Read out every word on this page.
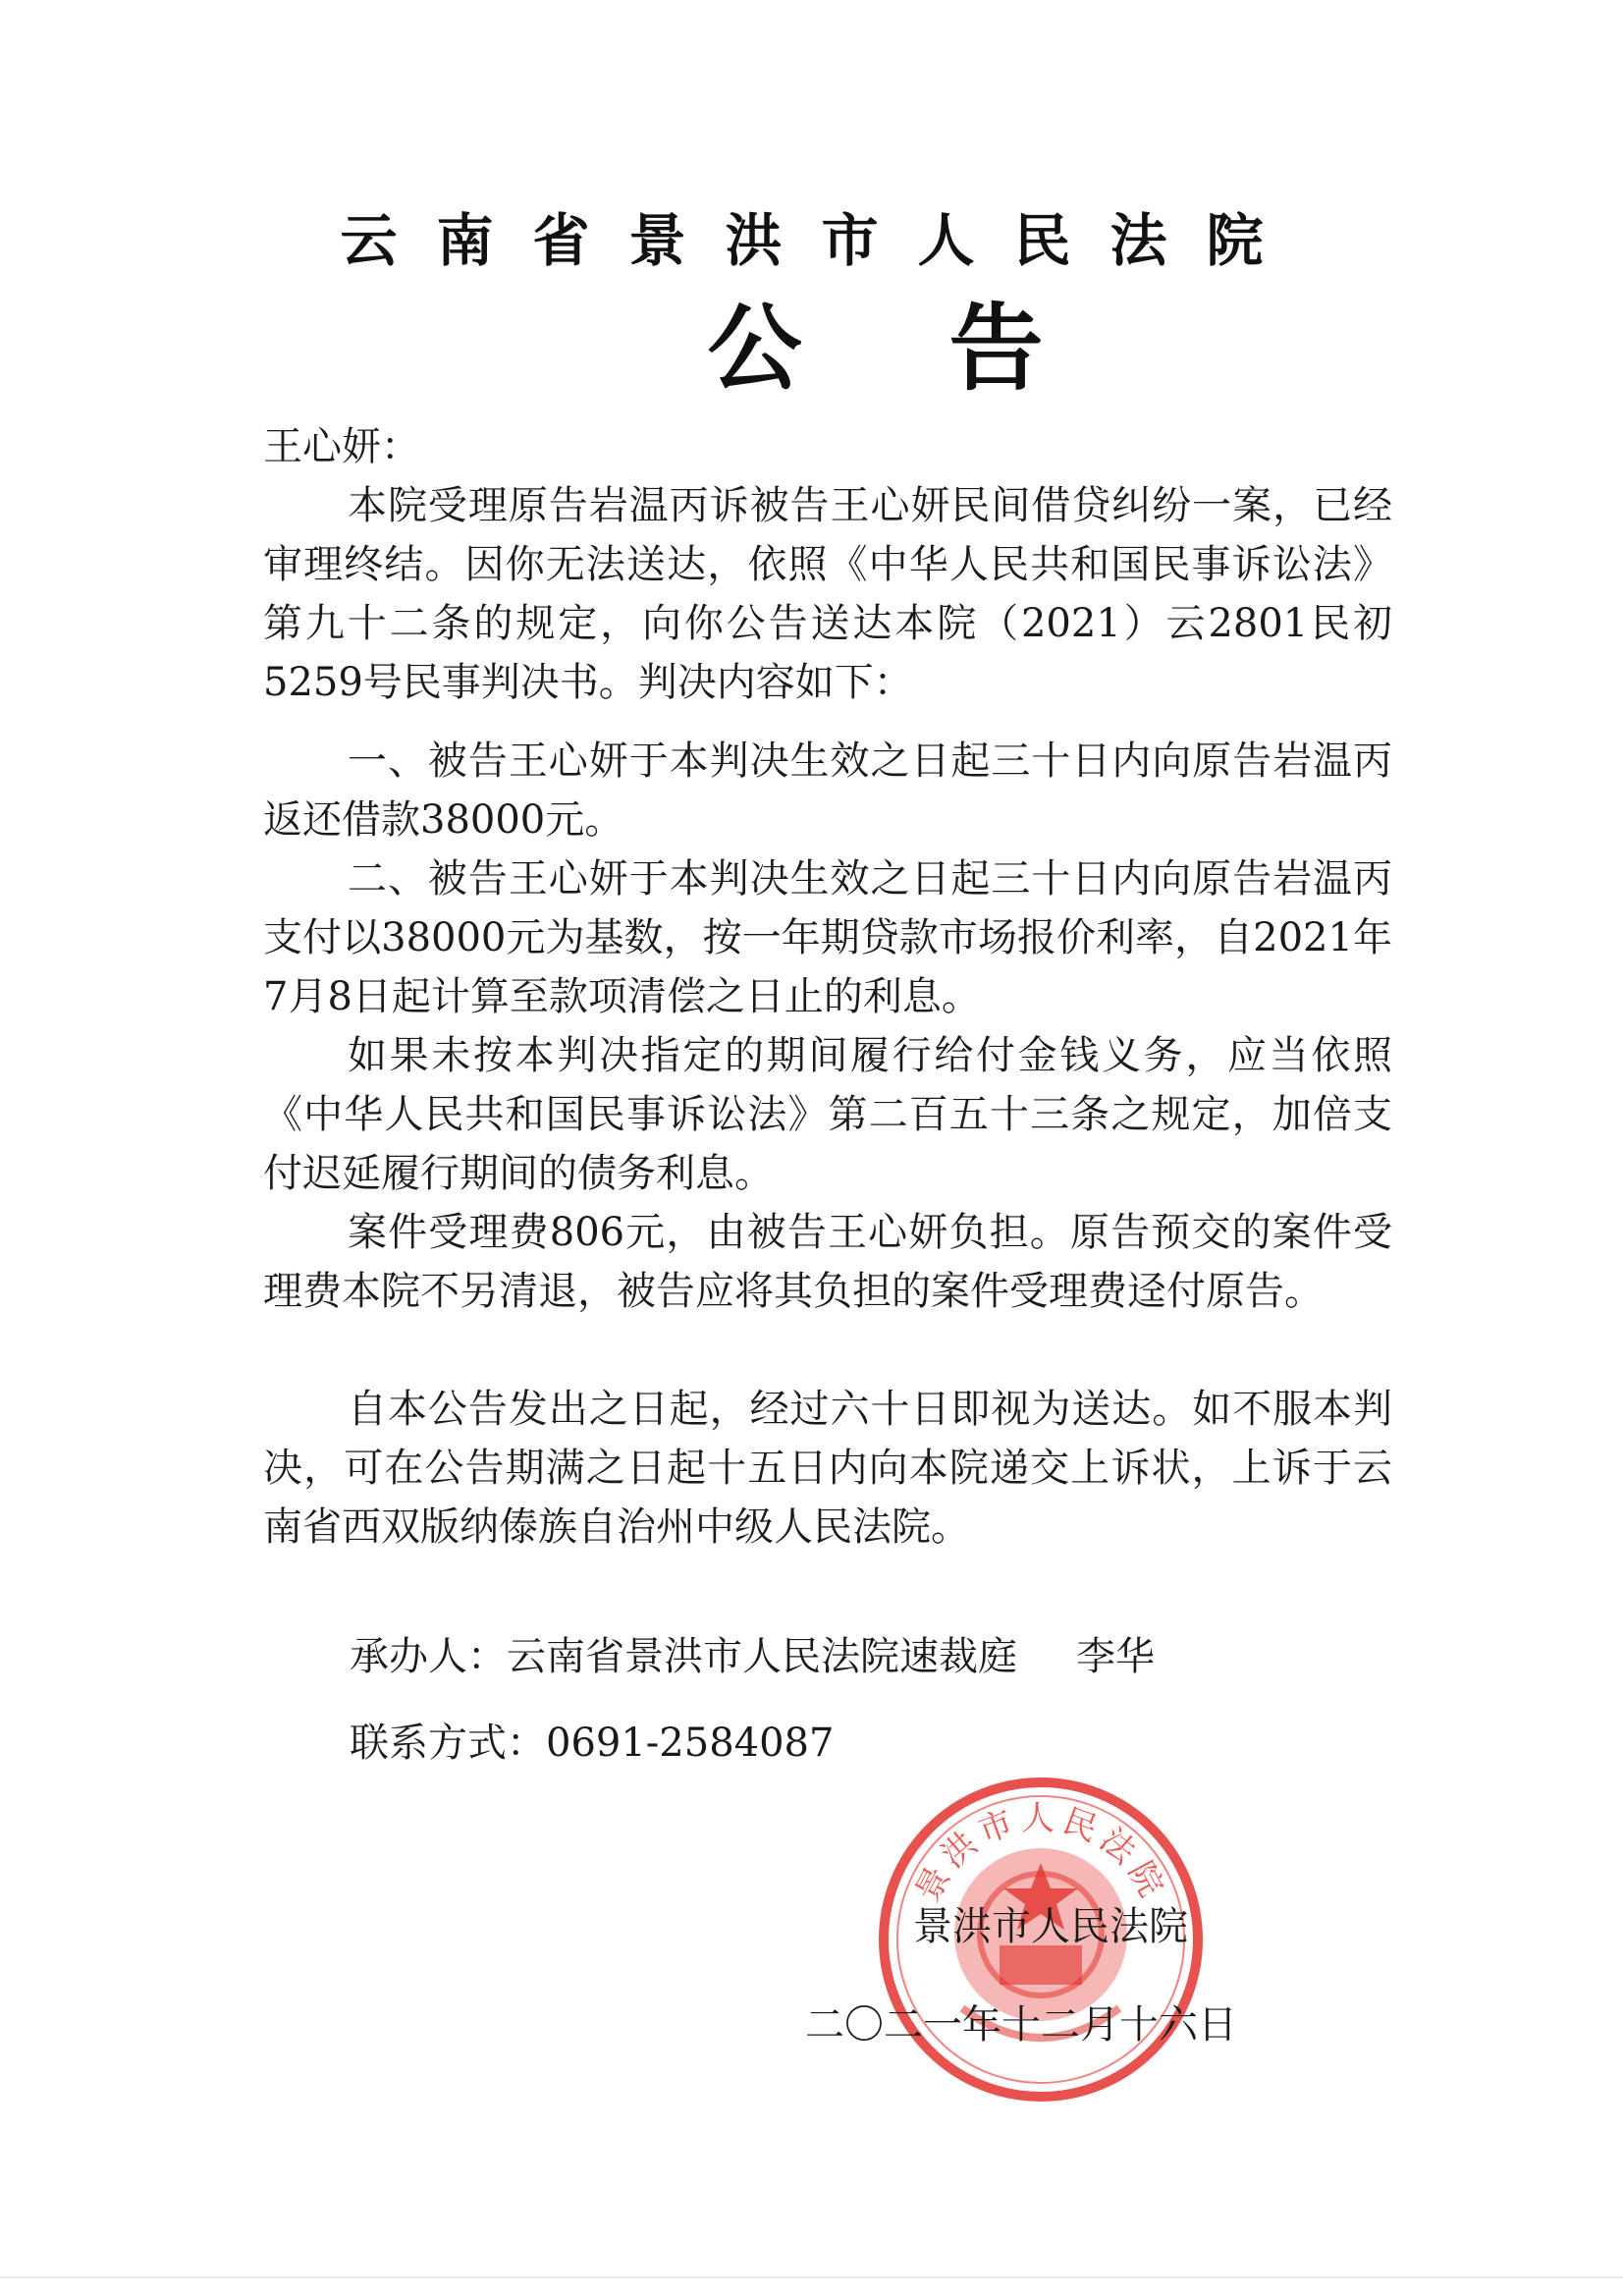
云南省景洪市人民法院
公告
王心妍：

本院受理原告岩温丙诉被告王心妍民间借贷纠纷一案，已经审理终结。因你无法送达，依照《中华人民共和国民事诉讼法》第九十二条的规定，向你公告送达本院（2021）云2801民初5259号民事判决书。判决内容如下：

一、被告王心妍于本判决生效之日起三十日内向原告岩温丙返还借款38000元。

二、被告王心妍于本判决生效之日起三十日内向原告岩温丙支付以38000元为基数，按一年期贷款市场报价利率，自2021年7月8日起计算至款项清偿之日止的利息。

如果未按本判决指定的期间履行给付金钱义务，应当依照《中华人民共和国民事诉讼法》第二百五十三条之规定，加倍支付迟延履行期间的债务利息。

案件受理费806元，由被告王心妍负担。原告预交的案件受理费本院不另清退，被告应将其负担的案件受理费迳付原告。

自本公告发出之日起，经过六十日即视为送达。如不服本判决，可在公告期满之日起十五日内向本院递交上诉状，上诉于云南省西双版纳傣族自治州中级人民法院。

承办人：云南省景洪市人民法院速裁庭 李华

联系方式：0691-2584087

景洪市人民法院
景洪市人民法院
二〇二一年十二月十六日
